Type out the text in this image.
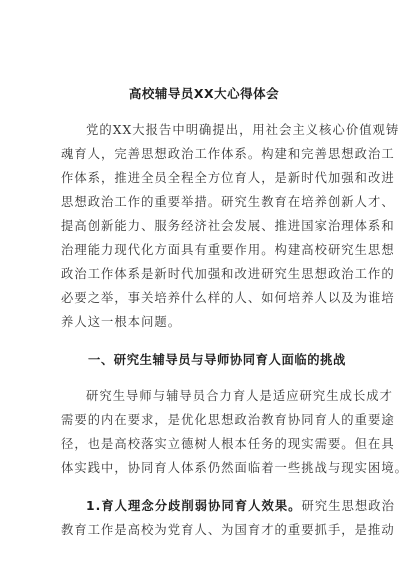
高校辅导员XX大心得体会
党的XX大报告中明确提出，用社会主义核心价值观铸
魂育人，完善思想政治工作体系。构建和完善思想政治工
作体系，推进全员全程全方位育人，是新时代加强和改进
思想政治工作的重要举措。研究生教育在培养创新人才、
提高创新能力、服务经济社会发展、推进国家治理体系和
治理能力现代化方面具有重要作用。构建高校研究生思想
政治工作体系是新时代加强和改进研究生思想政治工作的
必要之举，事关培养什么样的人、如何培养人以及为谁培
养人这一根本问题。
一、研究生辅导员与导师协同育人面临的挑战
研究生导师与辅导员合力育人是适应研究生成长成才
需要的内在要求，是优化思想政治教育协同育人的重要途
径，也是高校落实立德树人根本任务的现实需要。但在具
体实践中，协同育人体系仍然面临着一些挑战与现实困境。
1.育人理念分歧削弱协同育人效果。研究生思想政治
教育工作是高校为党育人、为国育才的重要抓手，是推动
